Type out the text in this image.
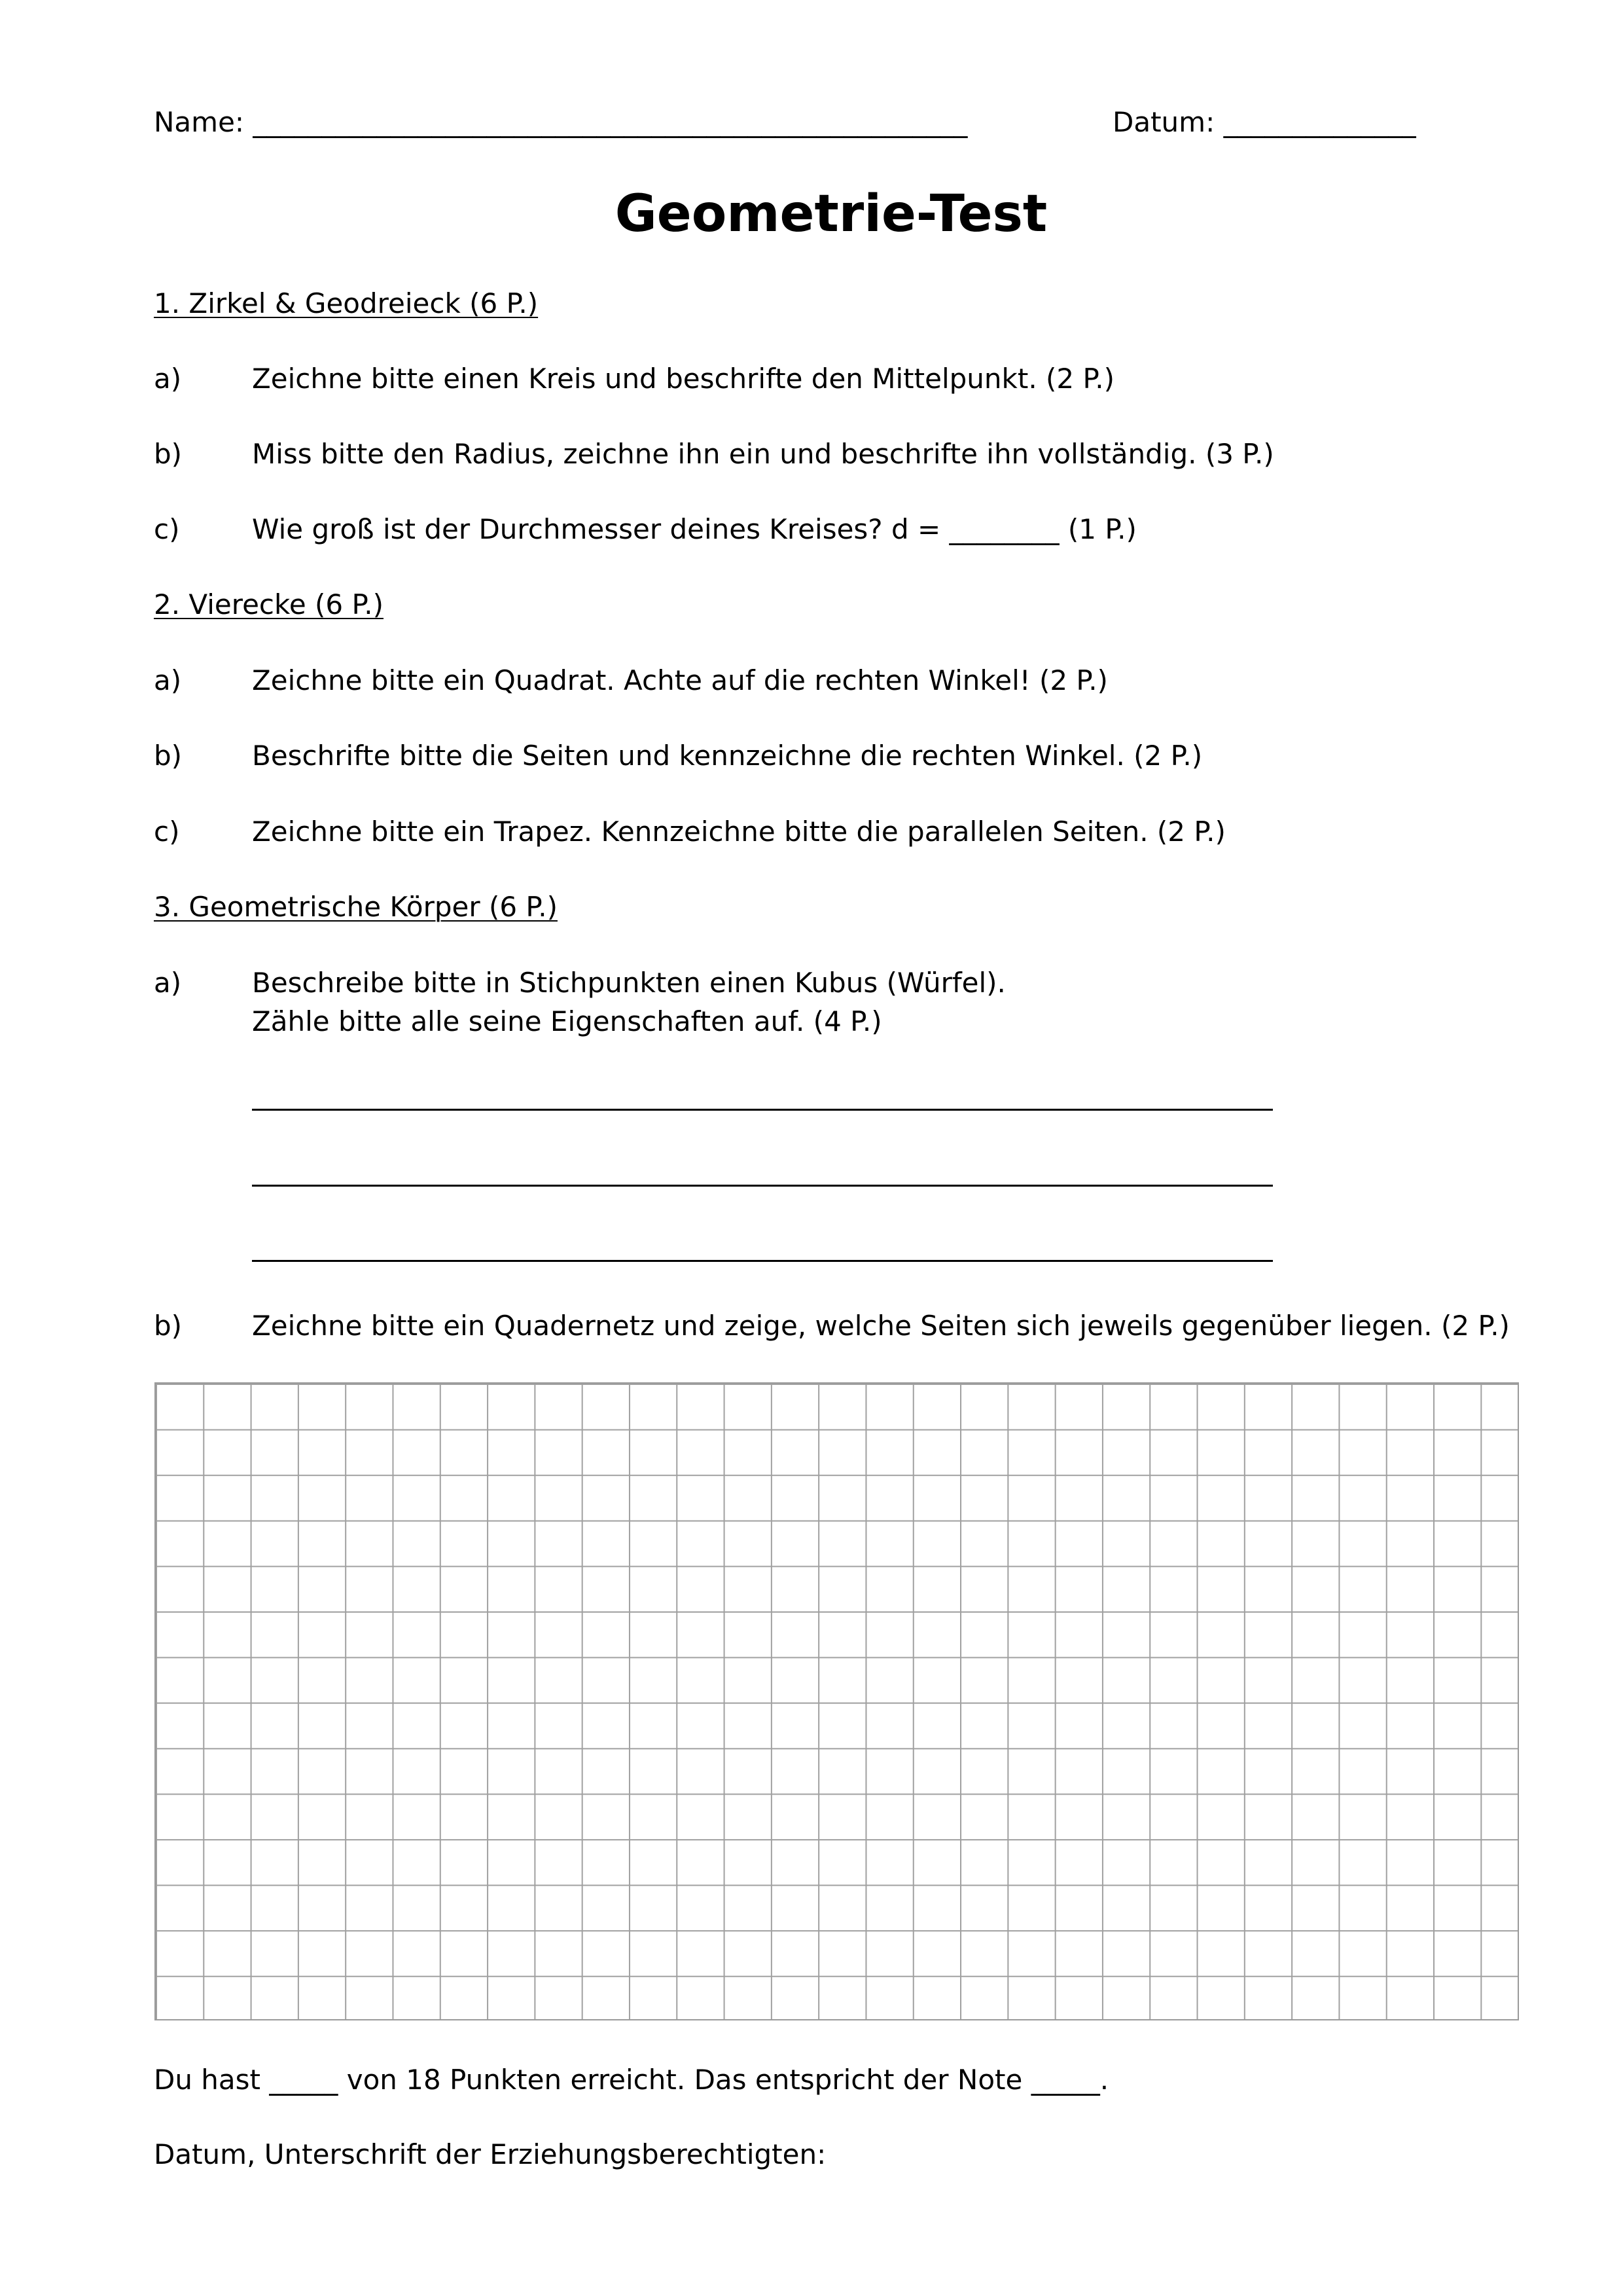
Name: ____________________________________________________	Datum: ______________
Geometrie-Test
1. Zirkel & Geodreieck (6 P.)
a)	Zeichne bitte einen Kreis und beschrifte den Mittelpunkt. (2 P.)
b)	Miss bitte den Radius, zeichne ihn ein und beschrifte ihn vollständig. (3 P.)
c)	Wie groß ist der Durchmesser deines Kreises? d = ________ (1 P.)
2. Vierecke (6 P.)
a)	Zeichne bitte ein Quadrat. Achte auf die rechten Winkel! (2 P.)
b)	Beschrifte bitte die Seiten und kennzeichne die rechten Winkel. (2 P.)
c)	Zeichne bitte ein Trapez. Kennzeichne bitte die parallelen Seiten. (2 P.)
3. Geometrische Körper (6 P.)
a)	Beschreibe bitte in Stichpunkten einen Kubus (Würfel).
Zähle bitte alle seine Eigenschaften auf. (4 P.)
b)	Zeichne bitte ein Quadernetz und zeige, welche Seiten sich jeweils gegenüber liegen. (2 P.)
Du hast _____ von 18 Punkten erreicht. Das entspricht der Note _____.
Datum, Unterschrift der Erziehungsberechtigten:
